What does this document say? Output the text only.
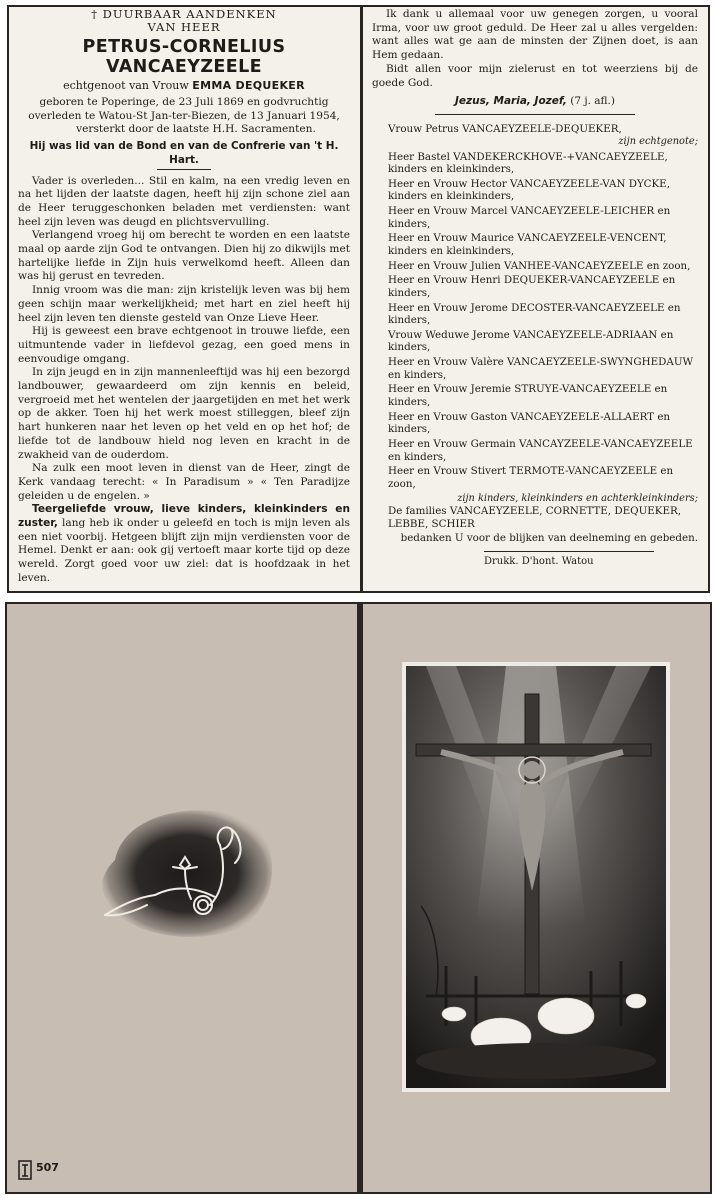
† DUURBAAR AANDENKEN
VAN HEER
PETRUS-CORNELIUS VANCAEYZEELE
echtgenoot van Vrouw EMMA DEQUEKER
geboren te Poperinge, de 23 Juli 1869 en godvruchtig
overleden te Watou-St Jan-ter-Biezen, de 13 Januari 1954,
versterkt door de laatste H.H. Sacramenten.
Hij was lid van de Bond en van de Confrerie van 't H. Hart.

Vader is overleden... Stil en kalm, na een vredig leven en na het lijden der laatste dagen, heeft hij zijn schone ziel aan de Heer teruggeschonken beladen met verdiensten: want heel zijn leven was deugd en plichtsvervulling.

Verlangend vroeg hij om berecht te worden en een laatste maal op aarde zijn God te ontvangen. Dien hij zo dikwijls met hartelijke liefde in Zijn huis verwelkomd heeft. Alleen dan was hij gerust en tevreden.

Innig vroom was die man: zijn kristelijk leven was bij hem geen schijn maar werkelijkheid; met hart en ziel heeft hij heel zijn leven ten dienste gesteld van Onze Lieve Heer.

Hij is geweest een brave echtgenoot in trouwe liefde, een uitmuntende vader in liefdevol gezag, een goed mens in eenvoudige omgang.

In zijn jeugd en in zijn mannenleeftijd was hij een bezorgd landbouwer, gewaardeerd om zijn kennis en beleid, vergroeid met het wentelen der jaargetijden en met het werk op de akker. Toen hij het werk moest stilleggen, bleef zijn hart hunkeren naar het leven op het veld en op het hof; de liefde tot de landbouw hield nog leven en kracht in de zwakheid van de ouderdom.

Na zulk een moot leven in dienst van de Heer, zingt de Kerk vandaag terecht: « In Paradisum » « Ten Paradijze geleiden u de engelen. »

Teergeliefde vrouw, lieve kinders, kleinkinders en zuster, lang heb ik onder u geleefd en toch is mijn leven als een niet voorbij. Hetgeen blijft zijn mijn verdiensten voor de Hemel. Denkt er aan: ook gij vertoeft maar korte tijd op deze wereld. Zorgt goed voor uw ziel: dat is hoofdzaak in het leven.

Ik dank u allemaal voor uw genegen zorgen, u vooral Irma, voor uw groot geduld. De Heer zal u alles vergelden: want alles wat ge aan de minsten der Zijnen doet, is aan Hem gedaan.

Bidt allen voor mijn zielerust en tot weerziens bij de goede God.

Jezus, Maria, Jozef, (7 j. afl.)
Vrouw Petrus VANCAEYZEELE-DEQUEKER,
zijn echtgenote;
Heer Bastel VANDEKERCKHOVE-+VANCAEYZEELE, kinders en kleinkinders,
Heer en Vrouw Hector VANCAEYZEELE-VAN DYCKE, kinders en kleinkinders,
Heer en Vrouw Marcel VANCAEYZEELE-LEICHER en kinders,
Heer en Vrouw Maurice VANCAEYZEELE-VENCENT, kinders en kleinkinders,
Heer en Vrouw Julien VANHEE-VANCAEYZEELE en zoon,
Heer en Vrouw Henri DEQUEKER-VANCAEYZEELE en kinders,
Heer en Vrouw Jerome DECOSTER-VANCAEYZEELE en kinders,
Vrouw Weduwe Jerome VANCAEYZEELE-ADRIAAN en kinders,
Heer en Vrouw Valère VANCAEYZEELE-SWYNGHEDAUW en kinders,
Heer en Vrouw Jeremie STRUYE-VANCAEYZEELE en kinders,
Heer en Vrouw Gaston VANCAEYZEELE-ALLAERT en kinders,
Heer en Vrouw Germain VANCAYZEELE-VANCAEYZEELE en kinders,
Heer en Vrouw Stivert TERMOTE-VANCAEYZEELE en zoon,
zijn kinders, kleinkinders en achterkleinkinders;
De families VANCAEYZEELE, CORNETTE, DEQUEKER, LEBBE, SCHIER
bedanken U voor de blijken van deelneming en gebeden.
Drukk. D'hont. Watou
507
